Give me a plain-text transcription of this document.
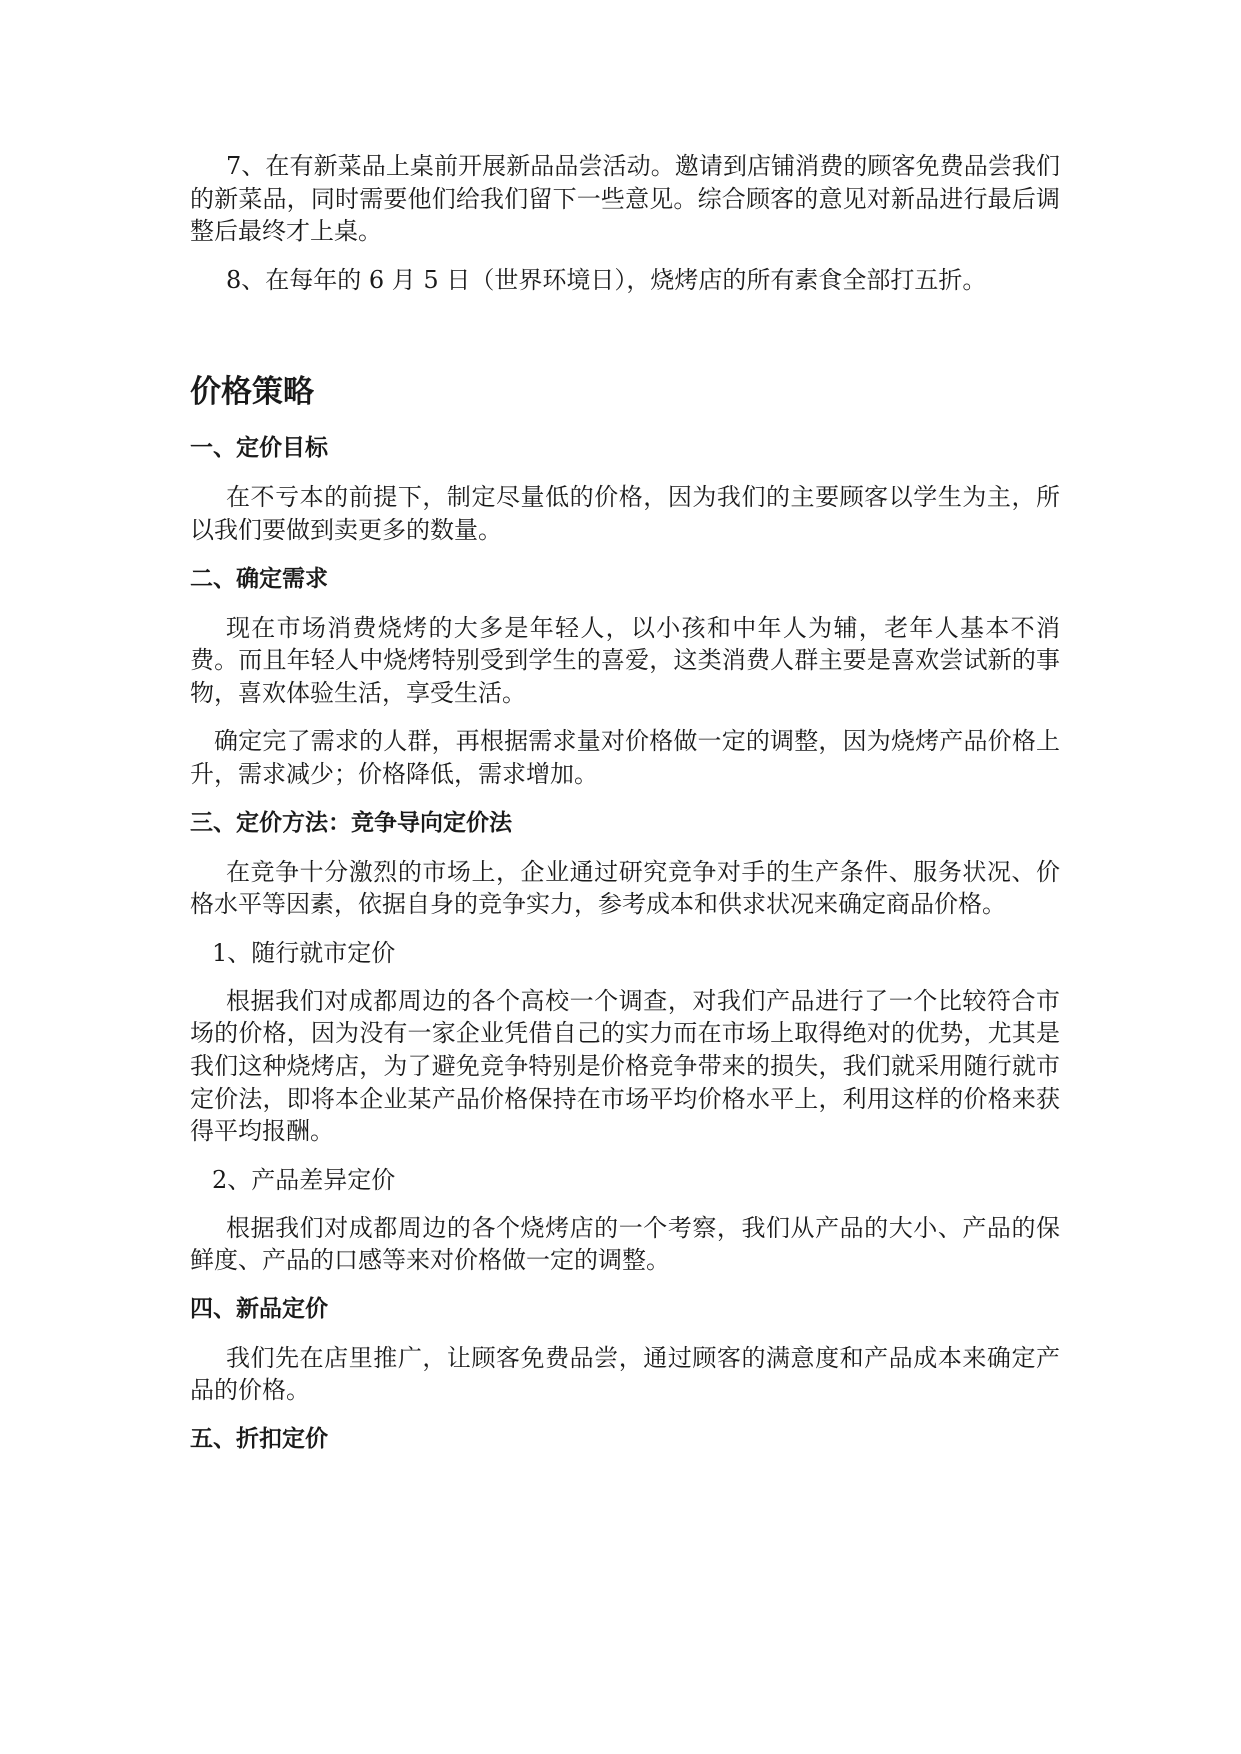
7、在有新菜品上桌前开展新品品尝活动。邀请到店铺消费的顾客免费品尝我们的新菜品，同时需要他们给我们留下一些意见。综合顾客的意见对新品进行最后调整后最终才上桌。

8、在每年的 6 月 5 日（世界环境日），烧烤店的所有素食全部打五折。

价格策略
一、定价目标

在不亏本的前提下，制定尽量低的价格，因为我们的主要顾客以学生为主，所以我们要做到卖更多的数量。

二、确定需求

现在市场消费烧烤的大多是年轻人，以小孩和中年人为辅，老年人基本不消费。而且年轻人中烧烤特别受到学生的喜爱，这类消费人群主要是喜欢尝试新的事物，喜欢体验生活，享受生活。

确定完了需求的人群，再根据需求量对价格做一定的调整，因为烧烤产品价格上升，需求减少；价格降低，需求增加。

三、定价方法：竞争导向定价法

在竞争十分激烈的市场上，企业通过研究竞争对手的生产条件、服务状况、价格水平等因素，依据自身的竞争实力，参考成本和供求状况来确定商品价格。

1、随行就市定价

根据我们对成都周边的各个高校一个调查，对我们产品进行了一个比较符合市场的价格，因为没有一家企业凭借自己的实力而在市场上取得绝对的优势，尤其是我们这种烧烤店，为了避免竞争特别是价格竞争带来的损失，我们就采用随行就市定价法，即将本企业某产品价格保持在市场平均价格水平上，利用这样的价格来获得平均报酬。

2、产品差异定价

根据我们对成都周边的各个烧烤店的一个考察，我们从产品的大小、产品的保鲜度、产品的口感等来对价格做一定的调整。

四、新品定价

我们先在店里推广，让顾客免费品尝，通过顾客的满意度和产品成本来确定产品的价格。

五、折扣定价
